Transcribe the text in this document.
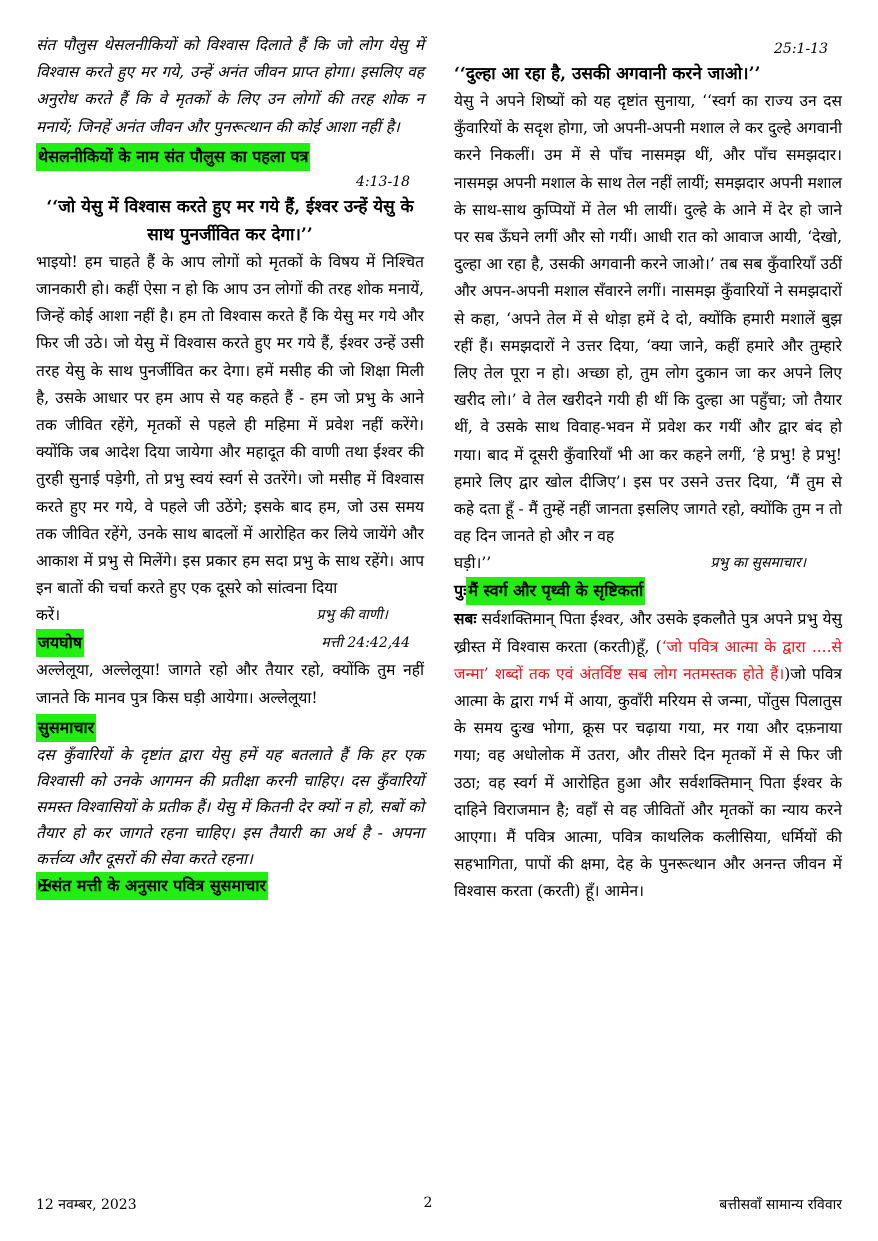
संत पौलुस थेसलनीकियों को विश्वास दिलाते हैं कि जो लोग येसु में विश्वास करते हुए मर गये, उन्हें अनंत जीवन प्राप्त होगा। इसलिए वह अनुरोध करते हैं कि वे मृतकों के लिए उन लोगों की तरह शोक न मनायें; जिनहें अनंत जीवन और पुनरूत्थान की कोई आशा नहीं है।

थेसलनीकियों के नाम संत पौलुस का पहला पत्र
4:13-18

‘‘जो येसु में विश्वास करते हुए मर गये हैं, ईश्वर उन्हें येसु के साथ पुनर्जीवित कर देगा।’’

भाइयो! हम चाहते हैं के आप लोगों को मृतकों के विषय में निश्चित जानकारी हो। कहीं ऐसा न हो कि आप उन लोगों की तरह शोक मनायें, जिन्हें कोई आशा नहीं है। हम तो विश्वास करते हैं कि येसु मर गये और फिर जी उठे। जो येसु में विश्वास करते हुए मर गये हैं, ईश्वर उन्हें उसी तरह येसु के साथ पुनर्जीवित कर देगा। हमें मसीह की जो शिक्षा मिली है, उसके आधार पर हम आप से यह कहते हैं - हम जो प्रभु के आने तक जीवित रहेंगे, मृतकों से पहले ही महिमा में प्रवेश नहीं करेंगे। क्योंकि जब आदेश दिया जायेगा और महादूत की वाणी तथा ईश्वर की तुरही सुनाई पड़ेगी, तो प्रभु स्वयं स्वर्ग से उतरेंगे। जो मसीह में विश्वास करते हुए मर गये, वे पहले जी उठेंगे; इसके बाद हम, जो उस समय तक जीवित रहेंगे, उनके साथ बादलों में आरोहित कर लिये जायेंगे और आकाश में प्रभु से मिलेंगे। इस प्रकार हम सदा प्रभु के साथ रहेंगे। आप इन बातों की चर्चा करते हुए एक दूसरे को सांत्वना दिया

करें।	प्रभु की वाणी।
जयघोष	मत्ती 24:42,44

अल्लेलूया, अल्लेलूया! जागते रहो और तैयार रहो, क्योंकि तुम नहीं जानते कि मानव पुत्र किस घड़ी आयेगा। अल्लेलूया!

सुसमाचार

दस कुँवारियों के दृष्टांत द्वारा येसु हमें यह बतलाते हैं कि हर एक विश्वासी को उनके आगमन की प्रतीक्षा करनी चाहिए। दस कुँवारियों समस्त विश्वासियों के प्रतीक हैं। येसु में कितनी देर क्यों न हो, सबों को तैयार हो कर जागते रहना चाहिए। इस तैयारी का अर्थ है - अपना कर्त्तव्य और दूसरों की सेवा करते रहना।

✠संत मत्ती के अनुसार पवित्र सुसमाचार
25:1-13

‘‘दुल्हा आ रहा है, उसकी अगवानी करने जाओ।’’

येसु ने अपने शिष्यों को यह दृष्टांत सुनाया, ‘‘स्वर्ग का राज्य उन दस कुँवारियों के सदृश होगा, जो अपनी-अपनी मशाल ले कर दुल्हे अगवानी करने निकलीं। उम में से पाँच नासमझ थीं, और पाँच समझदार। नासमझ अपनी मशाल के साथ तेल नहीं लायीं; समझदार अपनी मशाल के साथ-साथ कुप्पियों में तेल भी लायीं। दुल्हे के आने में देर हो जाने पर सब ऊँघने लगीं और सो गयीं। आधी रात को आवाज आयी, ‘देखो, दुल्हा आ रहा है, उसकी अगवानी करने जाओ।’ तब सब कुँवारियाँ उठीं और अपन-अपनी मशाल सँवारने लगीं। नासमझ कुँवारियों ने समझदारों से कहा, ‘अपने तेल में से थोड़ा हमें दे दो, क्योंकि हमारी मशालें बुझ रहीं हैं। समझदारों ने उत्तर दिया, ‘क्या जाने, कहीं हमारे और तुम्हारे लिए तेल पूरा न हो। अच्छा हो, तुम लोग दुकान जा कर अपने लिए खरीद लो।’ वे तेल खरीदने गयी ही थीं कि दुल्हा आ पहुँचा; जो तैयार थीं, वे उसके साथ विवाह-भवन में प्रवेश कर गयीं और द्वार बंद हो गया। बाद में दूसरी कुँवारियाँ भी आ कर कहने लगीं, ‘हे प्रभु! हे प्रभु! हमारे लिए द्वार खोल दीजिए’। इस पर उसने उत्तर दिया, ‘मैं तुम से कहे दता हूँ - मैं तुम्हें नहीं जानता इसलिए जागते रहो, क्योंकि तुम न तो वह दिन जानते हो और न वह

घड़ी।’’	प्रभु का सुसमाचार।
पुः मैं स्वर्ग और पृथ्वी के सृष्टिकर्ता

सबः सर्वशक्तिमान् पिता ईश्वर, और उसके इकलौते पुत्र अपने प्रभु येसु ख्रीस्त में विश्वास करता (करती)हूँ, (‘जो पवित्र आत्मा के द्वारा ....से जन्मा’ शब्दों तक एवं अंतर्विष्ट सब लोग नतमस्तक होते हैं।)जो पवित्र आत्मा के द्वारा गर्भ में आया, कुवाँरी मरियम से जन्मा, पोंतुस पिलातुस के समय दुःख भोगा, क्रूस पर चढ़ाया गया, मर गया और दफ़नाया गया; वह अधोलोक में उतरा, और तीसरे दिन मृतकों में से फिर जी उठा; वह स्वर्ग में आरोहित हुआ और सर्वशक्तिमान् पिता ईश्वर के दाहिने विराजमान है; वहाँ से वह जीवितों और मृतकों का न्याय करने आएगा। मैं पवित्र आत्मा, पवित्र काथलिक कलीसिया, धर्मियों की सहभागिता, पापों की क्षमा, देह के पुनरूत्थान और अनन्त जीवन में विश्वास करता (करती) हूँ। आमेन।

12 नवम्बर, 2023	2	बत्तीसवाँ सामान्य रविवार
